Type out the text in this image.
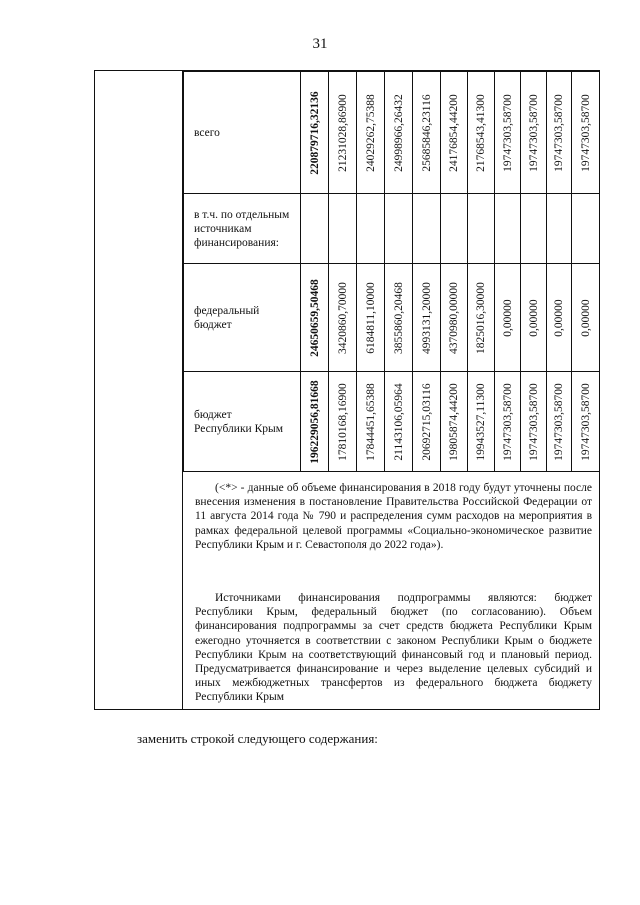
31
всего	220879716,32136	21231028,86900	24029262,75388	24998966,26432	25685846,23116	24176854,44200	21768543,41300	19747303,58700	19747303,58700	19747303,58700	19747303,58700

в т.ч. по отдельным источникам финансирования:	

федеральный бюджет	24650659,50468	3420860,70000	6184811,10000	3855860,20468	4993131,20000	4370980,00000	1825016,30000	0,00000	0,00000	0,00000	0,00000

бюджет Республики Крым	196229056,81668	17810168,16900	17844451,65388	21143106,05964	20692715,03116	19805874,44200	19943527,11300	19747303,58700	19747303,58700	19747303,58700	19747303,58700
(<*> - данные об объеме финансирования в 2018 году будут уточнены после внесения изменения в постановление Правительства Российской Федерации от 11 августа 2014 года № 790 и распределения сумм расходов на мероприятия в рамках федеральной целевой программы «Социально-экономическое развитие Республики Крым и г. Севастополя до 2022 года»).
Источниками финансирования подпрограммы являются: бюджет Республики Крым, федеральный бюджет (по согласованию). Объем финансирования подпрограммы за счет средств бюджета Республики Крым ежегодно уточняется в соответствии с законом Республики Крым о бюджете Республики Крым на соответствующий финансовый год и плановый период. Предусматривается финансирование и через выделение целевых субсидий и иных межбюджетных трансфертов из федерального бюджета бюджету Республики Крым
заменить строкой следующего содержания:
